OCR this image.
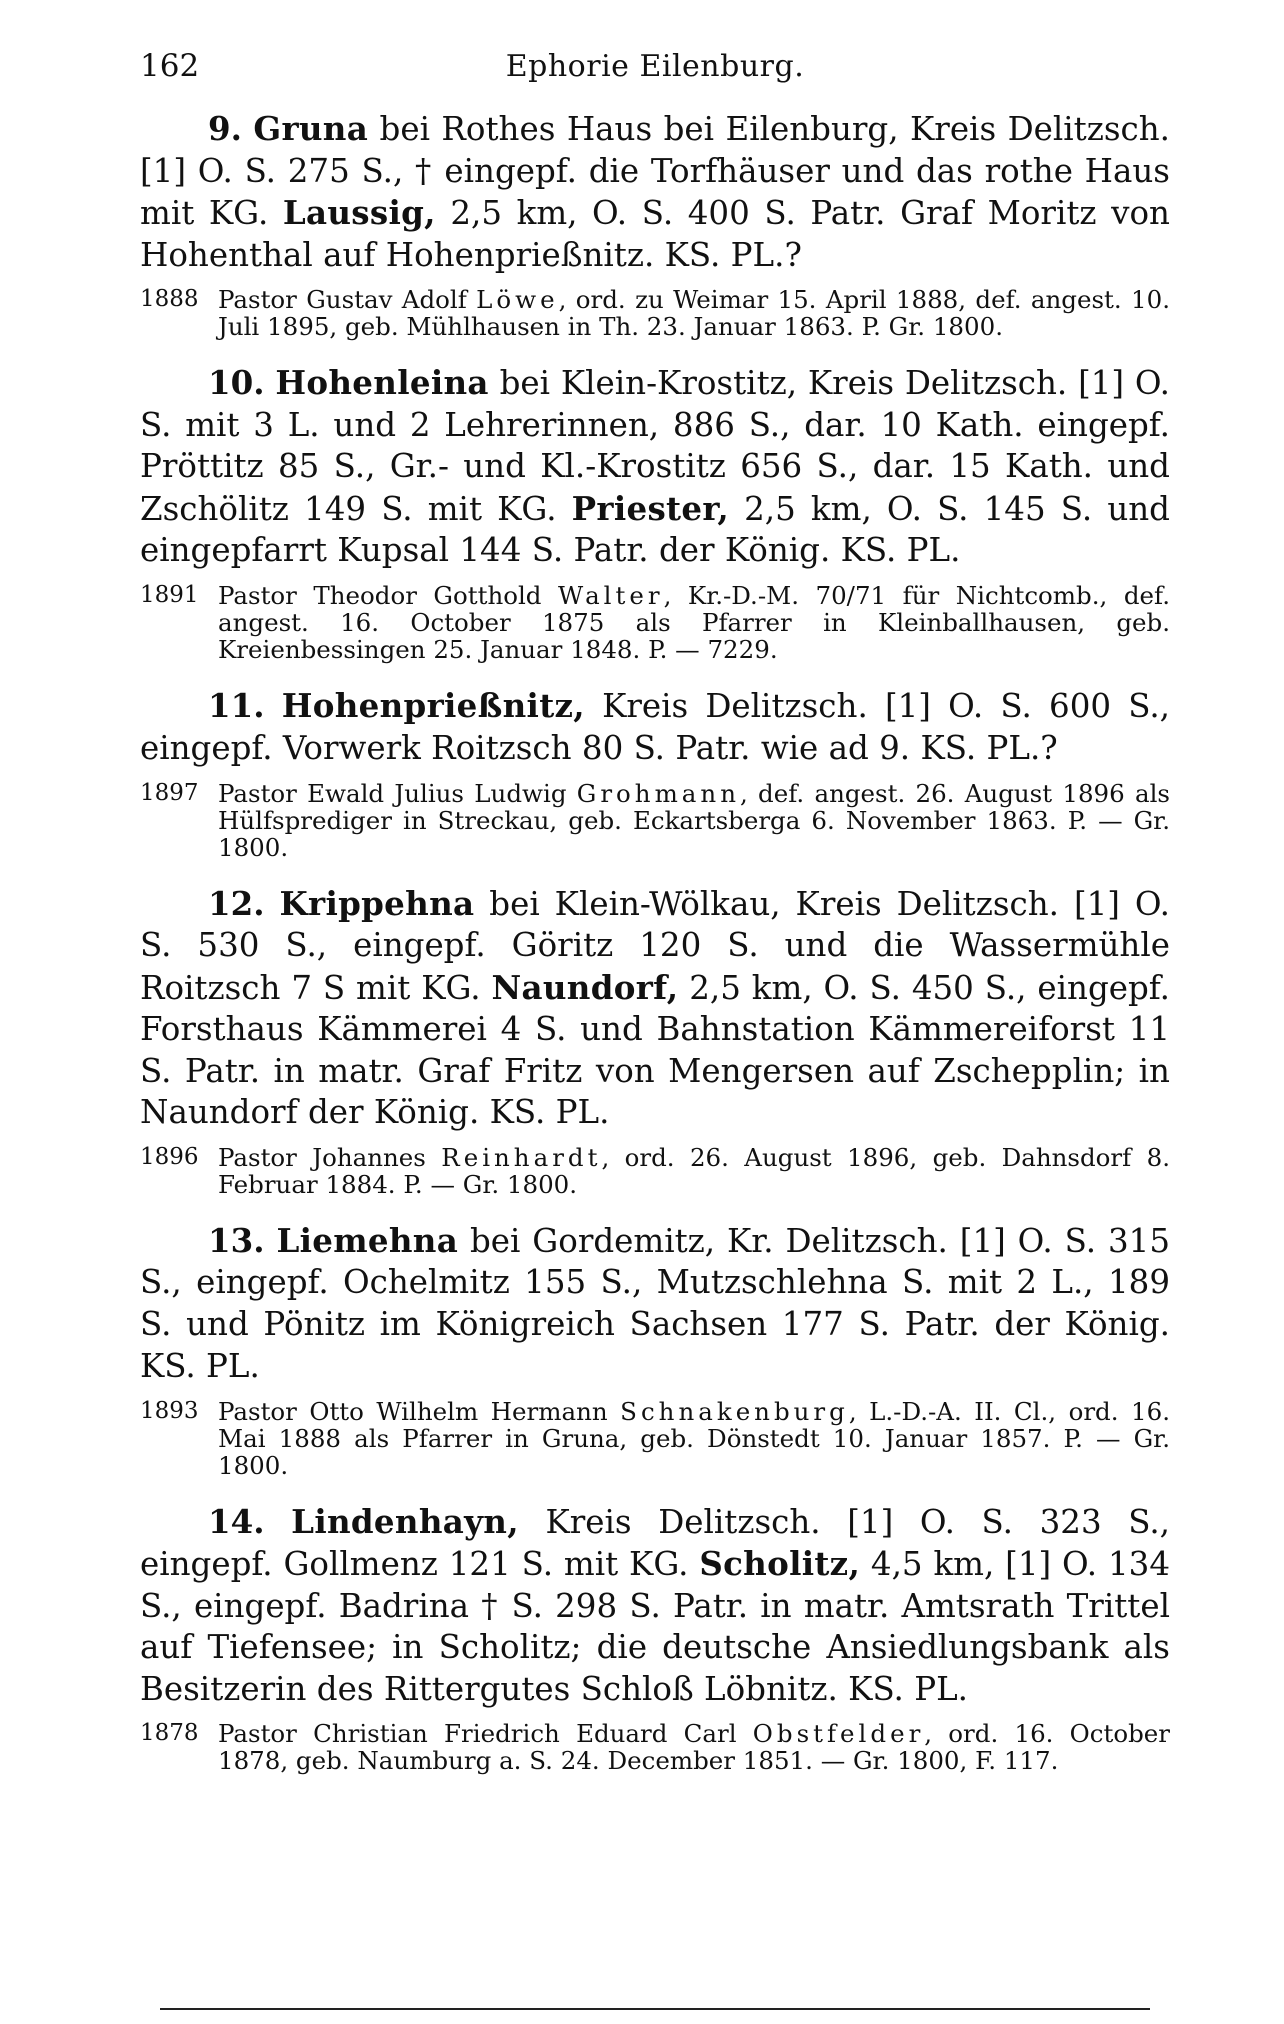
162	Ephorie Eilenburg.

9. Gruna bei Rothes Haus bei Eilenburg, Kreis Delitzsch. [1] O. S. 275 S., † eingepf. die Torfhäuser und das rothe Haus mit KG. Laussig, 2,5 km, O. S. 400 S. Patr. Graf Moritz von Hohenthal auf Hohenprießnitz. KS. PL.?

1888 Pastor Gustav Adolf Löwe, ord. zu Weimar 15. April 1888, def. angest. 10. Juli 1895, geb. Mühlhausen in Th. 23. Januar 1863. P. Gr. 1800.

10. Hohenleina bei Klein-Krostitz, Kreis Delitzsch. [1] O. S. mit 3 L. und 2 Lehrerinnen, 886 S., dar. 10 Kath. eingepf. Pröttitz 85 S., Gr.- und Kl.-Krostitz 656 S., dar. 15 Kath. und Zschölitz 149 S. mit KG. Priester, 2,5 km, O. S. 145 S. und eingepfarrt Kupsal 144 S. Patr. der König. KS. PL.

1891 Pastor Theodor Gotthold Walter, Kr.-D.-M. 70/71 für Nichtcomb., def. angest. 16. October 1875 als Pfarrer in Kleinballhausen, geb. Kreienbessingen 25. Januar 1848. P. — 7229.

11. Hohenprießnitz, Kreis Delitzsch. [1] O. S. 600 S., eingepf. Vorwerk Roitzsch 80 S. Patr. wie ad 9. KS. PL.?

1897 Pastor Ewald Julius Ludwig Grohmann, def. angest. 26. August 1896 als Hülfsprediger in Streckau, geb. Eckartsberga 6. November 1863. P. — Gr. 1800.

12. Krippehna bei Klein-Wölkau, Kreis Delitzsch. [1] O. S. 530 S., eingepf. Göritz 120 S. und die Wassermühle Roitzsch 7 S mit KG. Naundorf, 2,5 km, O. S. 450 S., eingepf. Forsthaus Kämmerei 4 S. und Bahnstation Kämmereiforst 11 S. Patr. in matr. Graf Fritz von Mengersen auf Zschepplin; in Naundorf der König. KS. PL.

1896 Pastor Johannes Reinhardt, ord. 26. August 1896, geb. Dahnsdorf 8. Februar 1884. P. — Gr. 1800.

13. Liemehna bei Gordemitz, Kr. Delitzsch. [1] O. S. 315 S., eingepf. Ochelmitz 155 S., Mutzschlehna S. mit 2 L., 189 S. und Pönitz im Königreich Sachsen 177 S. Patr. der König. KS. PL.

1893 Pastor Otto Wilhelm Hermann Schnakenburg, L.-D.-A. II. Cl., ord. 16. Mai 1888 als Pfarrer in Gruna, geb. Dönstedt 10. Januar 1857. P. — Gr. 1800.

14. Lindenhayn, Kreis Delitzsch. [1] O. S. 323 S., eingepf. Gollmenz 121 S. mit KG. Scholitz, 4,5 km, [1] O. 134 S., eingepf. Badrina † S. 298 S. Patr. in matr. Amtsrath Trittel auf Tiefensee; in Scholitz; die deutsche Ansiedlungsbank als Besitzerin des Rittergutes Schloß Löbnitz. KS. PL.

1878 Pastor Christian Friedrich Eduard Carl Obstfelder, ord. 16. October 1878, geb. Naumburg a. S. 24. December 1851. — Gr. 1800, F. 117.
